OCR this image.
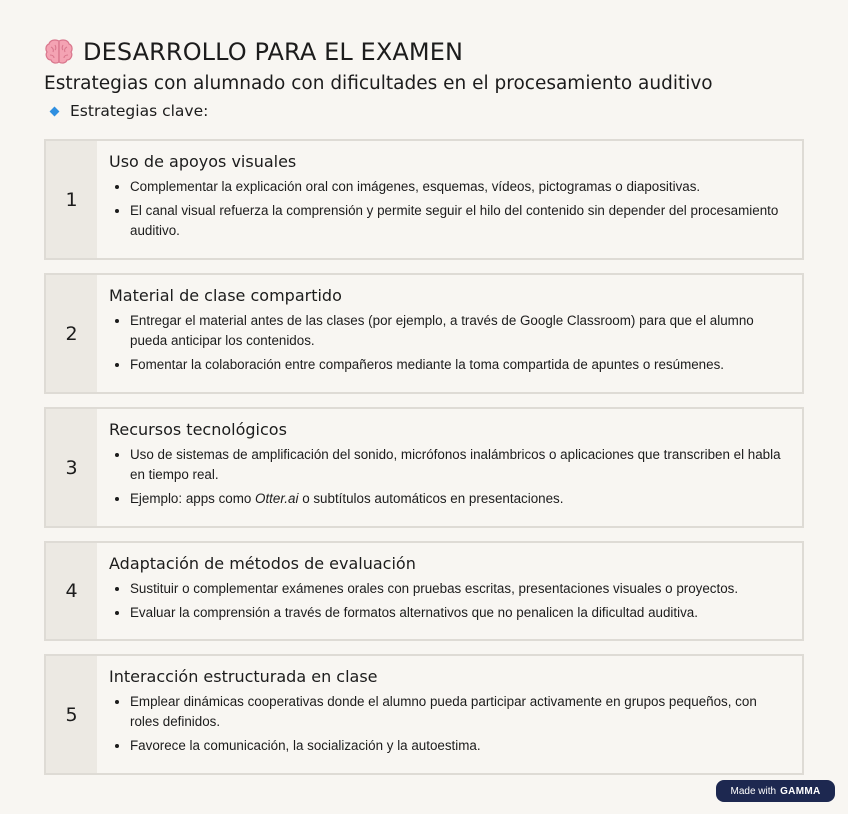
DESARROLLO PARA EL EXAMEN
Estrategias con alumnado con dificultades en el procesamiento auditivo
Estrategias clave:
1
Uso de apoyos visuales
• Complementar la explicación oral con imágenes, esquemas, vídeos, pictogramas o diapositivas.
• El canal visual refuerza la comprensión y permite seguir el hilo del contenido sin depender del procesamiento auditivo.
2
Material de clase compartido
• Entregar el material antes de las clases (por ejemplo, a través de Google Classroom) para que el alumno pueda anticipar los contenidos.
• Fomentar la colaboración entre compañeros mediante la toma compartida de apuntes o resúmenes.
3
Recursos tecnológicos
• Uso de sistemas de amplificación del sonido, micrófonos inalámbricos o aplicaciones que transcriben el habla en tiempo real.
• Ejemplo: apps como Otter.ai o subtítulos automáticos en presentaciones.
4
Adaptación de métodos de evaluación
• Sustituir o complementar exámenes orales con pruebas escritas, presentaciones visuales o proyectos.
• Evaluar la comprensión a través de formatos alternativos que no penalicen la dificultad auditiva.
5
Interacción estructurada en clase
• Emplear dinámicas cooperativas donde el alumno pueda participar activamente en grupos pequeños, con roles definidos.
• Favorece la comunicación, la socialización y la autoestima.
Made with GAMMA
